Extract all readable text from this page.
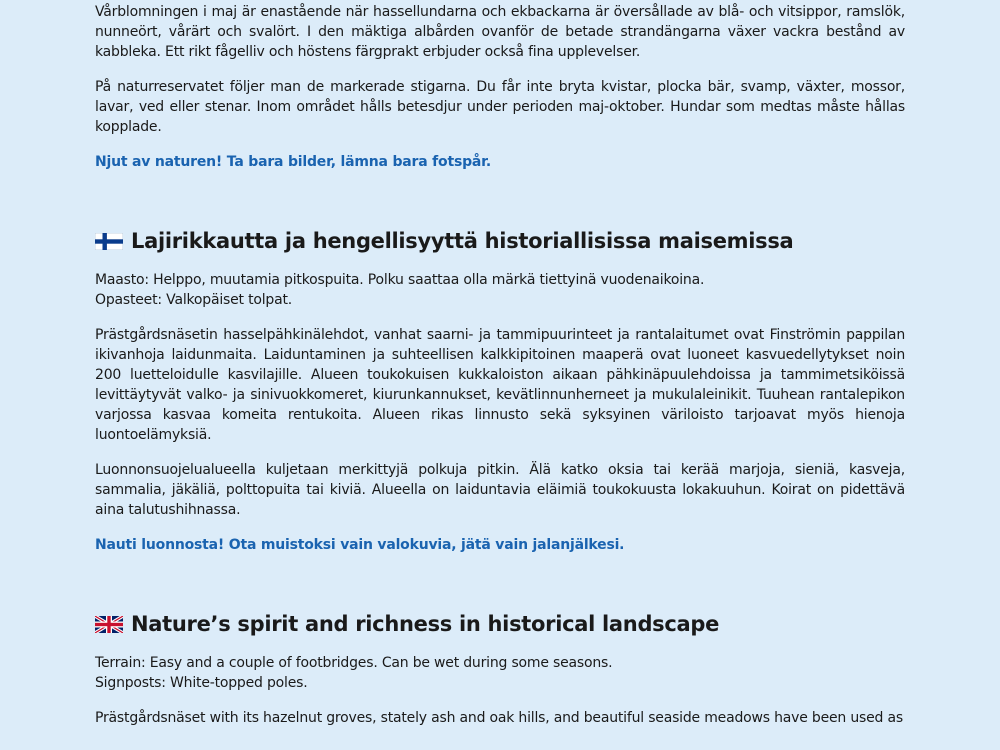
Vårblomningen i maj är enastående när hassellundarna och ekbackarna är översållade av blå- och vitsippor, ramslök, nunneört, vårärt och svalört. I den mäktiga albården ovanför de betade strandängarna växer vackra bestånd av kabbleka. Ett rikt fågelliv och höstens färgprakt erbjuder också fina upplevelser.

På naturreservatet följer man de markerade stigarna. Du får inte bryta kvistar, plocka bär, svamp, växter, mossor, lavar, ved eller stenar. Inom området hålls betesdjur under perioden maj-oktober. Hundar som medtas måste hållas kopplade.

Njut av naturen! Ta bara bilder, lämna bara fotspår.

Lajirikkautta ja hengellisyyttä historiallisissa maisemissa

Maasto: Helppo, muutamia pitkospuita. Polku saattaa olla märkä tiettyinä vuodenaikoina.

Opasteet: Valkopäiset tolpat.

Prästgårdsnäsetin hasselpähkinälehdot, vanhat saarni- ja tammipuurinteet ja rantalaitumet ovat Finströmin pappilan ikivanhoja laidunmaita. Laiduntaminen ja suhteellisen kalkkipitoinen maaperä ovat luoneet kasvuedellytykset noin 200 luetteloidulle kasvilajille. Alueen toukokuisen kukkaloiston aikaan pähkinäpuulehdoissa ja tammimetsiköissä levittäytyvät valko- ja sinivuokkomeret, kiurunkannukset, kevätlinnunherneet ja mukulaleinikit. Tuuhean rantalepikon varjossa kasvaa komeita rentukoita. Alueen rikas linnusto sekä syksyinen väriloisto tarjoavat myös hienoja luontoelämyksiä.

Luonnonsuojelualueella kuljetaan merkittyjä polkuja pitkin. Älä katko oksia tai kerää marjoja, sieniä, kasveja, sammalia, jäkäliä, polttopuita tai kiviä. Alueella on laiduntavia eläimiä toukokuusta lokakuuhun. Koirat on pidettävä aina talutushihnassa.

Nauti luonnosta! Ota muistoksi vain valokuvia, jätä vain jalanjälkesi.

Nature’s spirit and richness in historical landscape

Terrain: Easy and a couple of footbridges. Can be wet during some seasons.

Signposts: White-topped poles.

Prästgårdsnäset with its hazelnut groves, stately ash and oak hills, and beautiful seaside meadows have been used as
